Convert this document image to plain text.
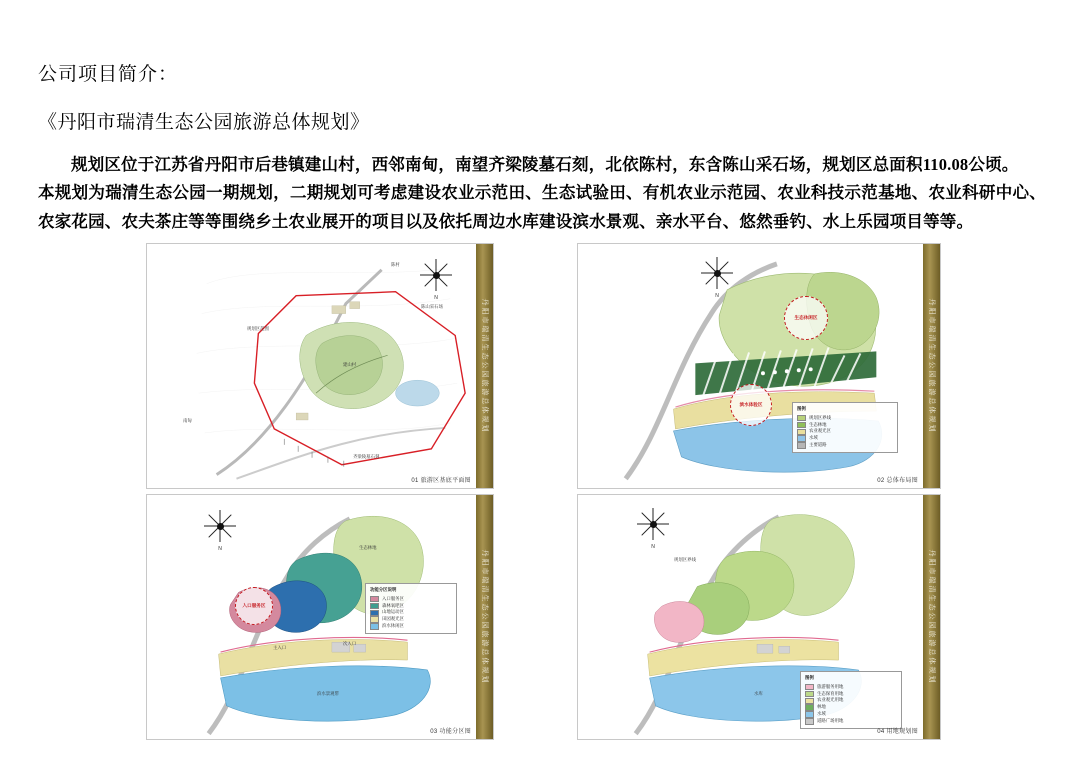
公司项目简介：
《丹阳市瑞清生态公园旅游总体规划》

规划区位于江苏省丹阳市后巷镇建山村，西邻南甸，南望齐梁陵墓石刻，北依陈村，东含陈山采石场，规划区总面积110.08公顷。

本规划为瑞清生态公园一期规划，二期规划可考虑建设农业示范田、生态试验田、有机农业示范园、农业科技示范基地、农业科研中心、农家花园、农夫茶庄等等围绕乡土农业展开的项目以及依托周边水库建设滨水景观、亲水平台、悠然垂钓、水上乐园项目等等。

N
陈村
陈山采石场
建山村
规划区范围
齐梁陵墓石刻
南甸	丹阳市瑞清生态公园旅游总体规划
01 旅游区基底平面图
N
生态休闲区
滨水体验区
图例
规划区界线
生态林地
农业观光区
水域
主要道路
丹阳市瑞清生态公园旅游总体规划
02 总体布局图
N
入口服务区
功能分区说明
入口服务区
森林氧吧区
山地运动区
田园观光区
滨水休闲区
主入口
次入口
滨水景观带
生态林地
丹阳市瑞清生态公园旅游总体规划
03 功能分区图
N
图例
旅游服务用地
生态保育用地
农业观光用地
林地
水域
道路广场用地
规划区界线
水库
丹阳市瑞清生态公园旅游总体规划
04 用地规划图
